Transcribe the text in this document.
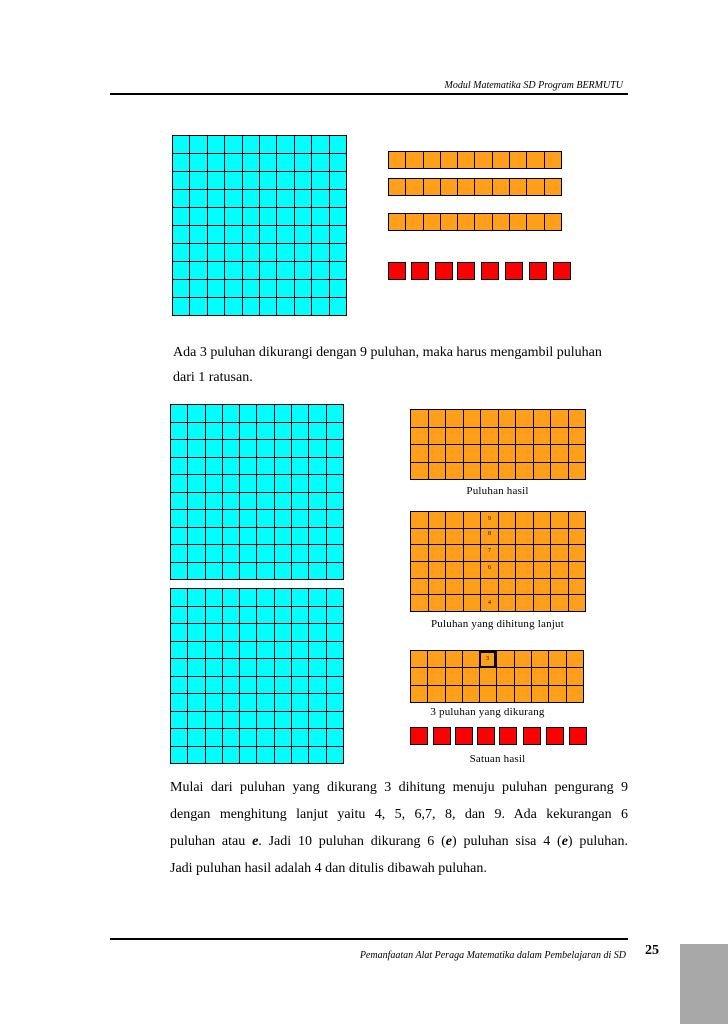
Modul Matematika SD Program BERMUTU
Ada 3 puluhan dikurangi dengan 9 puluhan, maka harus mengambil puluhan
dari 1 ratusan.
Puluhan hasil
9
8
7
6
4
Puluhan yang dihitung lanjut
3
3 puluhan yang dikurang
Satuan hasil
Mulai dari puluhan yang dikurang 3 dihitung menuju puluhan pengurang 9
dengan menghitung lanjut yaitu 4, 5, 6,7, 8, dan 9. Ada kekurangan 6
puluhan atau e. Jadi 10 puluhan dikurang 6 (e) puluhan sisa 4 (e) puluhan.
Jadi puluhan hasil adalah 4 dan ditulis dibawah puluhan.
Pemanfaatan Alat Peraga Matematika dalam Pembelajaran di SD	25
